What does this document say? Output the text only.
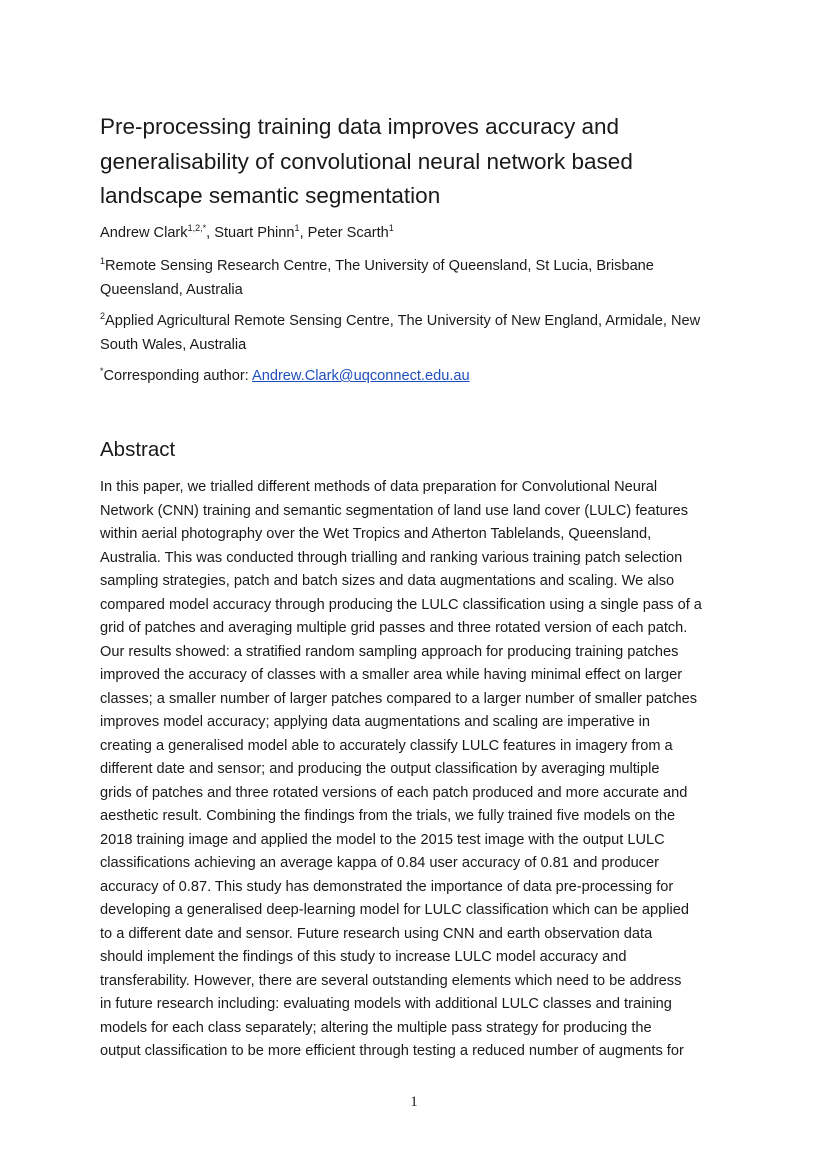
Pre-processing training data improves accuracy and
generalisability of convolutional neural network based
landscape semantic segmentation

Andrew Clark$^{1,2,*}$, Stuart Phinn$^1$, Peter Scarth$^1$

$^1$Remote Sensing Research Centre, The University of Queensland, St Lucia, Brisbane Queensland, Australia

$^2$Applied Agricultural Remote Sensing Centre, The University of New England, Armidale, New South Wales, Australia

*Corresponding author: Andrew.Clark@uqconnect.edu.au

Abstract
In this paper, we trialled different methods of data preparation for Convolutional Neural
Network (CNN) training and semantic segmentation of land use land cover (LULC) features
within aerial photography over the Wet Tropics and Atherton Tablelands, Queensland,
Australia. This was conducted through trialling and ranking various training patch selection
sampling strategies, patch and batch sizes and data augmentations and scaling. We also
compared model accuracy through producing the LULC classification using a single pass of a
grid of patches and averaging multiple grid passes and three rotated version of each patch.
Our results showed: a stratified random sampling approach for producing training patches
improved the accuracy of classes with a smaller area while having minimal effect on larger
classes; a smaller number of larger patches compared to a larger number of smaller patches
improves model accuracy; applying data augmentations and scaling are imperative in
creating a generalised model able to accurately classify LULC features in imagery from a
different date and sensor; and producing the output classification by averaging multiple
grids of patches and three rotated versions of each patch produced and more accurate and
aesthetic result. Combining the findings from the trials, we fully trained five models on the
2018 training image and applied the model to the 2015 test image with the output LULC
classifications achieving an average kappa of 0.84 user accuracy of 0.81 and producer
accuracy of 0.87. This study has demonstrated the importance of data pre-processing for
developing a generalised deep-learning model for LULC classification which can be applied
to a different date and sensor. Future research using CNN and earth observation data
should implement the findings of this study to increase LULC model accuracy and
transferability. However, there are several outstanding elements which need to be address
in future research including: evaluating models with additional LULC classes and training
models for each class separately; altering the multiple pass strategy for producing the
output classification to be more efficient through testing a reduced number of augments for
1
